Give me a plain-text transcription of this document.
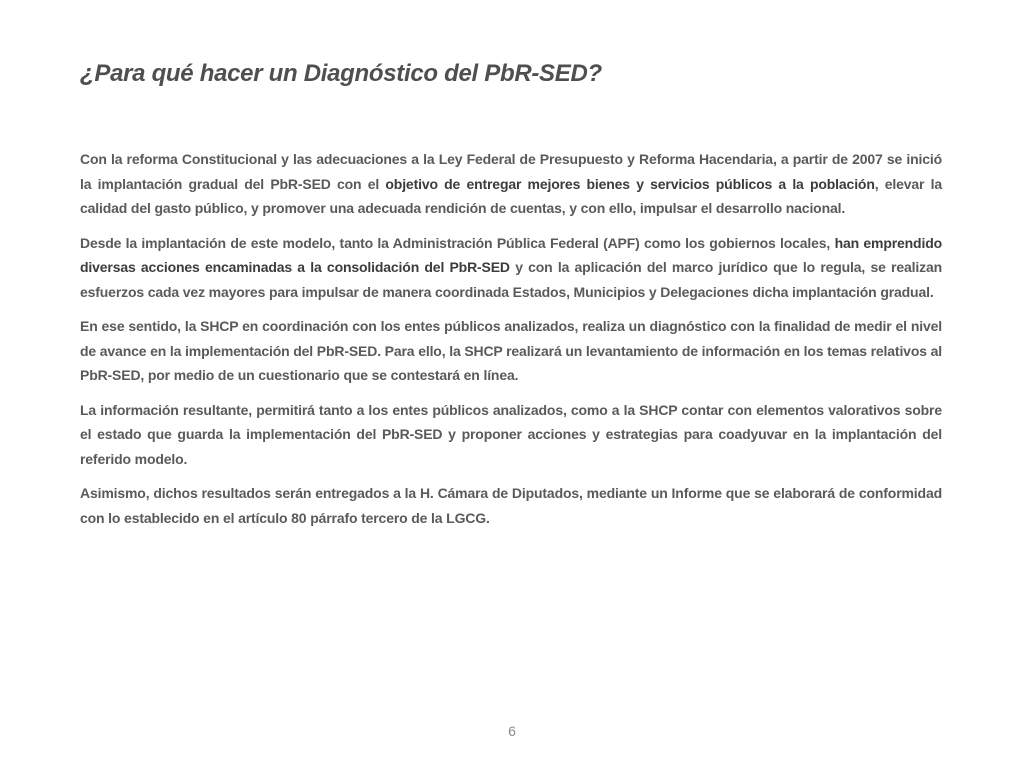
¿Para qué hacer un Diagnóstico del PbR-SED?

Con la reforma Constitucional y las adecuaciones a la Ley Federal de Presupuesto y Reforma Hacendaria, a partir de 2007 se inició la implantación gradual del PbR-SED con el objetivo de entregar mejores bienes y servicios públicos a la población, elevar la calidad del gasto público, y promover una adecuada rendición de cuentas, y con ello, impulsar el desarrollo nacional.

Desde la implantación de este modelo, tanto la Administración Pública Federal (APF) como los gobiernos locales, han emprendido diversas acciones encaminadas a la consolidación del PbR-SED y con la aplicación del marco jurídico que lo regula, se realizan esfuerzos cada vez mayores para impulsar de manera coordinada Estados, Municipios y Delegaciones dicha implantación gradual.

En ese sentido, la SHCP en coordinación con los entes públicos analizados, realiza un diagnóstico con la finalidad de medir el nivel de avance en la implementación del PbR-SED. Para ello, la SHCP realizará un levantamiento de información en los temas relativos al PbR-SED, por medio de un cuestionario que se contestará en línea.

La información resultante, permitirá tanto a los entes públicos analizados, como a la SHCP contar con elementos valorativos sobre el estado que guarda la implementación del PbR-SED y proponer acciones y estrategias para coadyuvar en la implantación del referido modelo.

Asimismo, dichos resultados serán entregados a la H. Cámara de Diputados, mediante un Informe que se elaborará de conformidad con lo establecido en el artículo 80 párrafo tercero de la LGCG.

6
